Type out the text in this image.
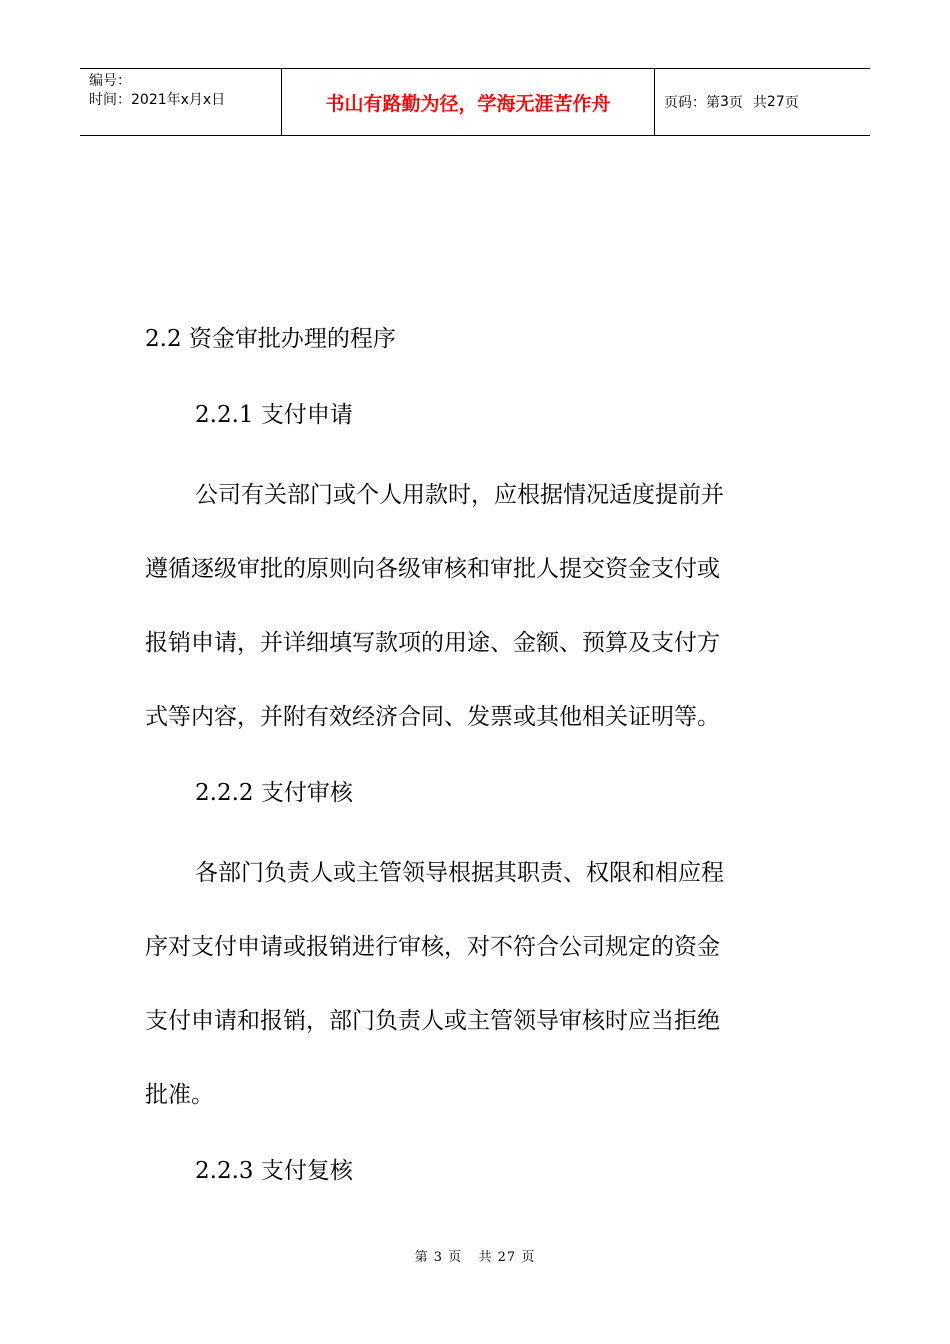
编号：
时间：2021年x月x日	书山有路勤为径，学海无涯苦作舟	页码：第 3 页 共 27 页

2.2 资金审批办理的程序

2.2.1 支付申请

公司有关部门或个人用款时，应根据情况适度提前并

遵循逐级审批的原则向各级审核和审批人提交资金支付或

报销申请，并详细填写款项的用途、金额、预算及支付方

式等内容，并附有效经济合同、发票或其他相关证明等。

2.2.2 支付审核

各部门负责人或主管领导根据其职责、权限和相应程

序对支付申请或报销进行审核，对不符合公司规定的资金

支付申请和报销，部门负责人或主管领导审核时应当拒绝

批准。

2.2.3 支付复核

第 3 页 共 27 页
